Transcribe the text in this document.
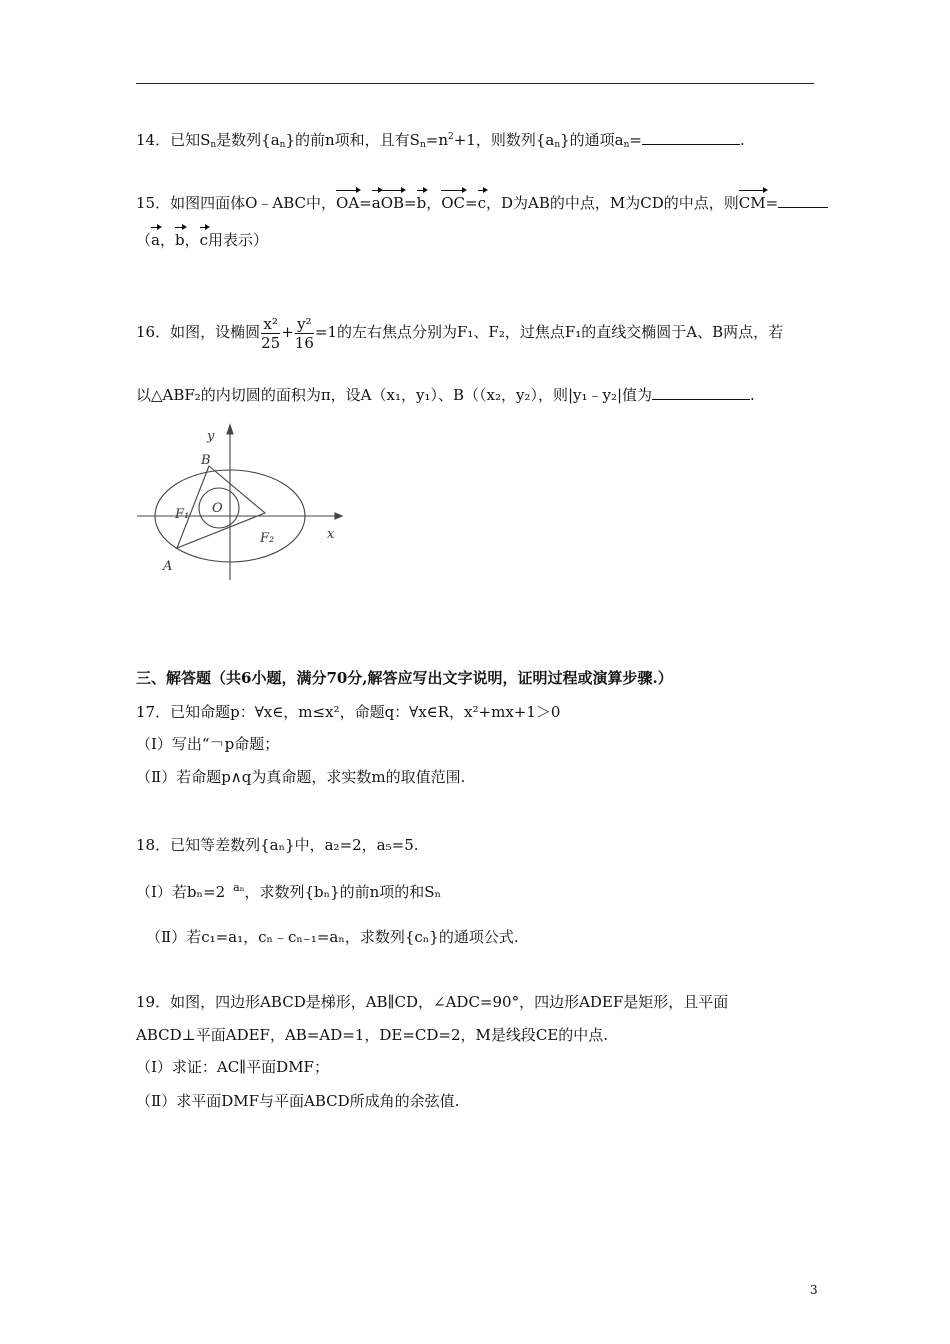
14．已知$S_n$是数列$\{a_n\}$的前n项和，且有$S_n=n^2+1$，则数列$\{a_n\}$的通项$a_n=$	.
15．如图四面体O﹣ABC中，OA=aOB=b，OC=c，D为AB的中点，M为CD的中点，则CM=
（a，b，c用表示）
16．如图，设椭圆 $\frac{\text{x²}}{25} + \frac{\text{y²}}{16} =1$的左右焦点分别为F₁、F₂，过焦点F₁的直线交椭圆于A、B两点，若
以△ABF₂的内切圆的面积为π，设A（x₁，y₁）、B（（x₂，y₂），则|y₁﹣y₂|值为	.
y
x
B
O
F₁
F₂
A
三、解答题（共6小题，满分70分,解答应写出文字说明，证明过程或演算步骤.）
17．已知命题p：∀x∈，m≤x²，命题q：∀x∈R，x²+mx+1＞0
（Ⅰ）写出“￢p命题；
（Ⅱ）若命题p∧q为真命题，求实数m的取值范围.
18．已知等差数列{aₙ}中，a₂=2，a₅=5.
（Ⅰ）若bₙ=2 $^{a_n}$，求数列{bₙ}的前n项的和Sₙ
（Ⅱ）若c₁=a₁，cₙ﹣cₙ₋₁=aₙ，求数列{cₙ}的通项公式.
19．如图，四边形ABCD是梯形，AB∥CD，∠ADC=90°，四边形ADEF是矩形，且平面
ABCD⊥平面ADEF，AB=AD=1，DE=CD=2，M是线段CE的中点.
（Ⅰ）求证：AC∥平面DMF；
（Ⅱ）求平面DMF与平面ABCD所成角的余弦值.
3
